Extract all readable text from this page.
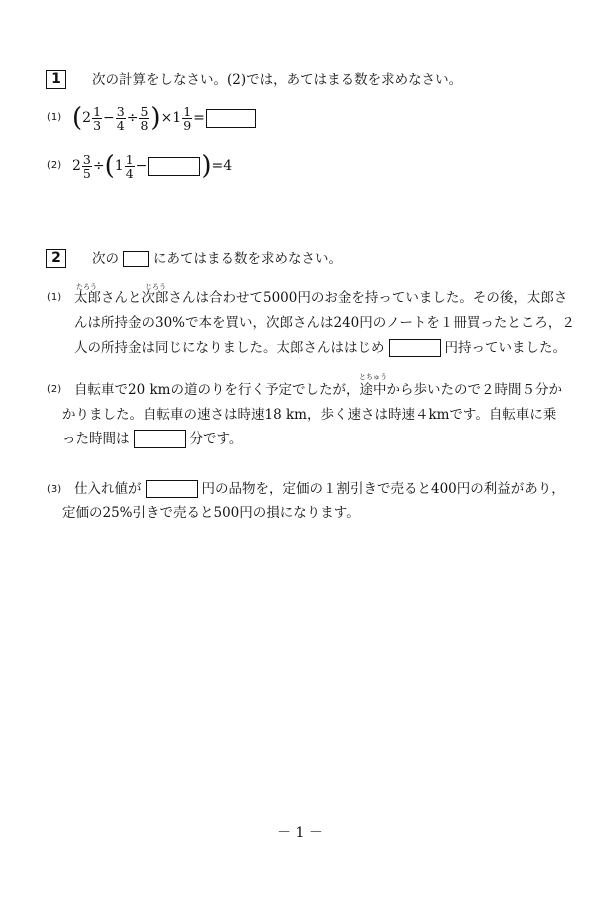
1	次の計算をしなさい。(2)では，あてはまる数を求めなさい。
(1) ( $2 \frac{1}{3} - \frac{3}{4} \div \frac{5}{8}$ ) × $1 \frac{1}{9}$ =
(2) $2 \frac{3}{5}$ ÷ ( $1 \frac{1}{4}$ − ) =4
2	次の	にあてはまる数を求めなさい。
(1)
たろう	じろう
太郎さんと次郎さんは合わせて5000円のお金を持っていました。その後，太郎さ
んは所持金の30%で本を買い，次郎さんは240円のノートを１冊買ったところ，２
人の所持金は同じになりました。太郎さんははじめ	円持っていました。
(2)
とちゅう
自転車で20 kmの道のりを行く予定でしたが，途中から歩いたので２時間５分か
かりました。自転車の速さは時速18 km，歩く速さは時速４kmです。自転車に乗
った時間は	分です。
(3) 仕入れ値が	円の品物を，定価の１割引きで売ると400円の利益があり，
定価の25%引きで売ると500円の損になります。
－ 1 －
